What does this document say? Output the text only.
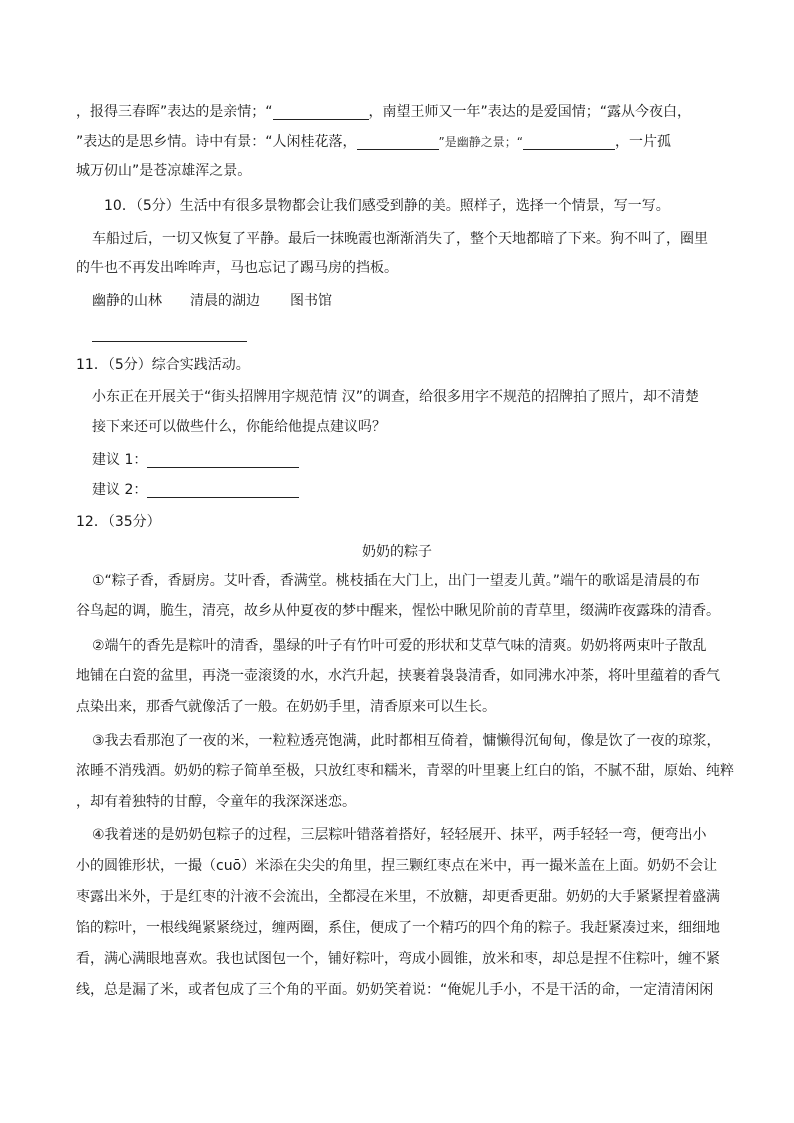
，报得三春晖”表达的是亲情；“	，南望王师又一年”表达的是爱国情；“露从今夜白，
”表达的是思乡情。诗中有景：“人闲桂花落，	”是幽静之景；“	，一片孤
城万仞山”是苍凉雄浑之景。
10．（5分）生活中有很多景物都会让我们感受到静的美。照样子，选择一个情景，写一写。
车船过后，一切又恢复了平静。最后一抹晚霞也渐渐消失了，整个天地都暗了下来。狗不叫了，圈里
的牛也不再发出哞哞声，马也忘记了踢马房的挡板。
幽静的山林 清晨的湖边 图书馆
11．（5分）综合实践活动。
小东正在开展关于“街头招牌用字规范情 汉”的调查，给很多用字不规范的招牌拍了照片，却不清楚
接下来还可以做些什么，你能给他提点建议吗？
建议 1：
建议 2：
12．（35分）
奶奶的粽子
①“粽子香，香厨房。艾叶香，香满堂。桃枝插在大门上，出门一望麦儿黄。”端午的歌谣是清晨的布
谷鸟起的调，脆生，清亮，故乡从仲夏夜的梦中醒来，惺忪中瞅见阶前的青草里，缀满昨夜露珠的清香。
②端午的香先是粽叶的清香，墨绿的叶子有竹叶可爱的形状和艾草气味的清爽。奶奶将两束叶子散乱
地铺在白瓷的盆里，再浇一壶滚烫的水，水汽升起，挟裹着袅袅清香，如同沸水冲茶，将叶里蕴着的香气
点染出来，那香气就像活了一般。在奶奶手里，清香原来可以生长。
③我去看那泡了一夜的米，一粒粒透亮饱满，此时都相互倚着，慵懒得沉甸甸，像是饮了一夜的琼浆，
浓睡不消残酒。奶奶的粽子简单至极，只放红枣和糯米，青翠的叶里裹上红白的馅，不腻不甜，原始、纯粹
，却有着独特的甘醇，令童年的我深深迷恋。
④我着迷的是奶奶包粽子的过程，三层粽叶错落着搭好，轻轻展开、抹平，两手轻轻一弯，便弯出小
小的圆锥形状，一撮（cuō）米添在尖尖的角里，捏三颗红枣点在米中，再一撮米盖在上面。奶奶不会让
枣露出米外，于是红枣的汁液不会流出，全都浸在米里，不放糖，却更香更甜。奶奶的大手紧紧捏着盛满
馅的粽叶，一根线绳紧紧绕过，缠两圈，系住，便成了一个精巧的四个角的粽子。我赶紧凑过来，细细地
看，满心满眼地喜欢。我也试图包一个，铺好粽叶，弯成小圆锥，放米和枣，却总是捏不住粽叶，缠不紧
线，总是漏了米，或者包成了三个角的平面。奶奶笑着说：“俺妮儿手小，不是干活的命，一定清清闲闲
